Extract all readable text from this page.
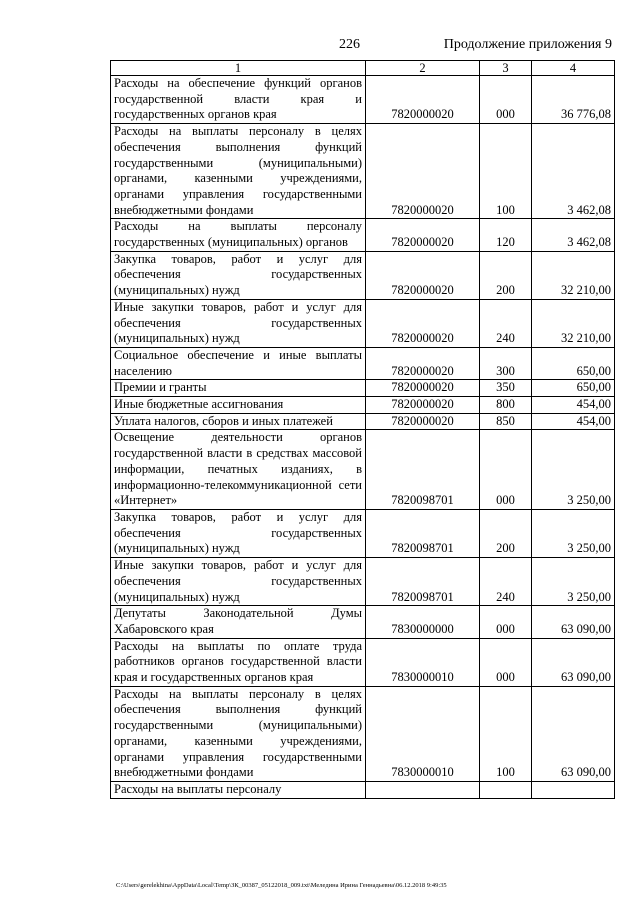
226	Продолжение приложения 9
1	2	3	4
Расходы на обеспечение функций органов государственной власти края и государственных органов края	7820000020	000	36 776,08
Расходы на выплаты персоналу в целях обеспечения выполнения функций государственными (муниципальными) органами, казенными учреждениями, органами управления государственными внебюджетными фондами	7820000020	100	3 462,08
Расходы на выплаты персоналу государственных (муниципальных) органов	7820000020	120	3 462,08
Закупка товаров, работ и услуг для обеспечения государственных (муниципальных) нужд	7820000020	200	32 210,00
Иные закупки товаров, работ и услуг для обеспечения государственных (муниципальных) нужд	7820000020	240	32 210,00
Социальное обеспечение и иные выплаты населению	7820000020	300	650,00
Премии и гранты	7820000020	350	650,00
Иные бюджетные ассигнования	7820000020	800	454,00
Уплата налогов, сборов и иных платежей	7820000020	850	454,00
Освещение деятельности органов государственной власти в средствах массовой информации, печатных изданиях, в информационно-телекоммуникационной сети «Интернет»	7820098701	000	3 250,00
Закупка товаров, работ и услуг для обеспечения государственных (муниципальных) нужд	7820098701	200	3 250,00
Иные закупки товаров, работ и услуг для обеспечения государственных (муниципальных) нужд	7820098701	240	3 250,00
Депутаты Законодательной Думы Хабаровского края	7830000000	000	63 090,00
Расходы на выплаты по оплате труда работников органов государственной власти края и государственных органов края	7830000010	000	63 090,00
Расходы на выплаты персоналу в целях обеспечения выполнения функций государственными (муниципальными) органами, казенными учреждениями, органами управления государственными внебюджетными фондами	7830000010	100	63 090,00
Расходы на выплаты персоналу			
C:\Users\gerelekhina\AppData\Local\Temp\ЗК_00387_05122018_009.txt\Меледина Ирина Геннадьевна\06.12.2018 9:49:35
